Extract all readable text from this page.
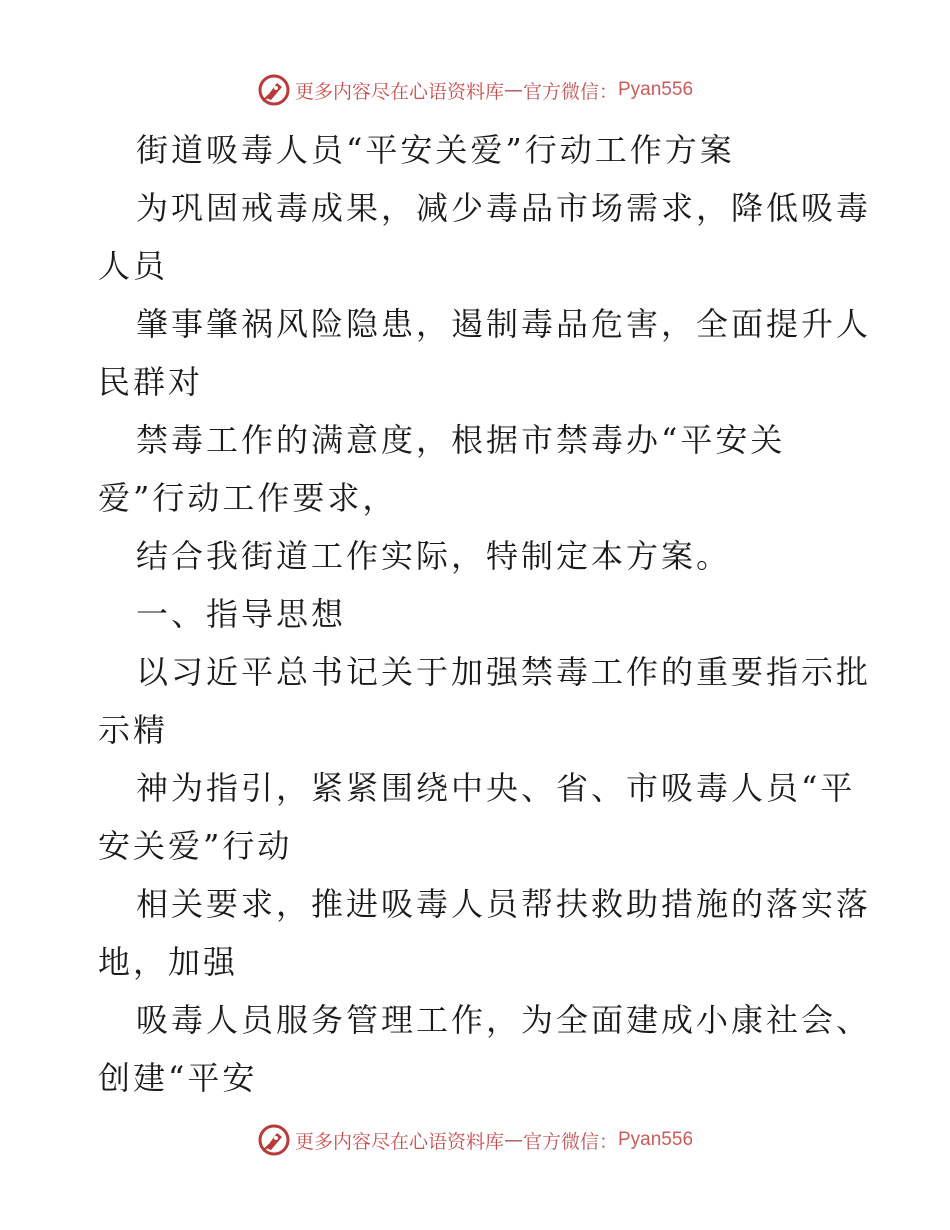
更多内容尽在心语资料库 — 官方微信： Pyan556
街道吸毒人员“平安关爱”行动工作方案
为巩固戒毒成果，减少毒品市场需求，降低吸毒
人员
肇事肇祸风险隐患，遏制毒品危害，全面提升人
民群对
禁毒工作的满意度，根据市禁毒办“平安关
爱”行动工作要求，
结合我街道工作实际，特制定本方案。
一、指导思想
以习近平总书记关于加强禁毒工作的重要指示批
示精
神为指引，紧紧围绕中央、省、市吸毒人员“平
安关爱”行动
相关要求，推进吸毒人员帮扶救助措施的落实落
地，加强
吸毒人员服务管理工作，为全面建成小康社会、
创建“平安
更多内容尽在心语资料库 — 官方微信： Pyan556
